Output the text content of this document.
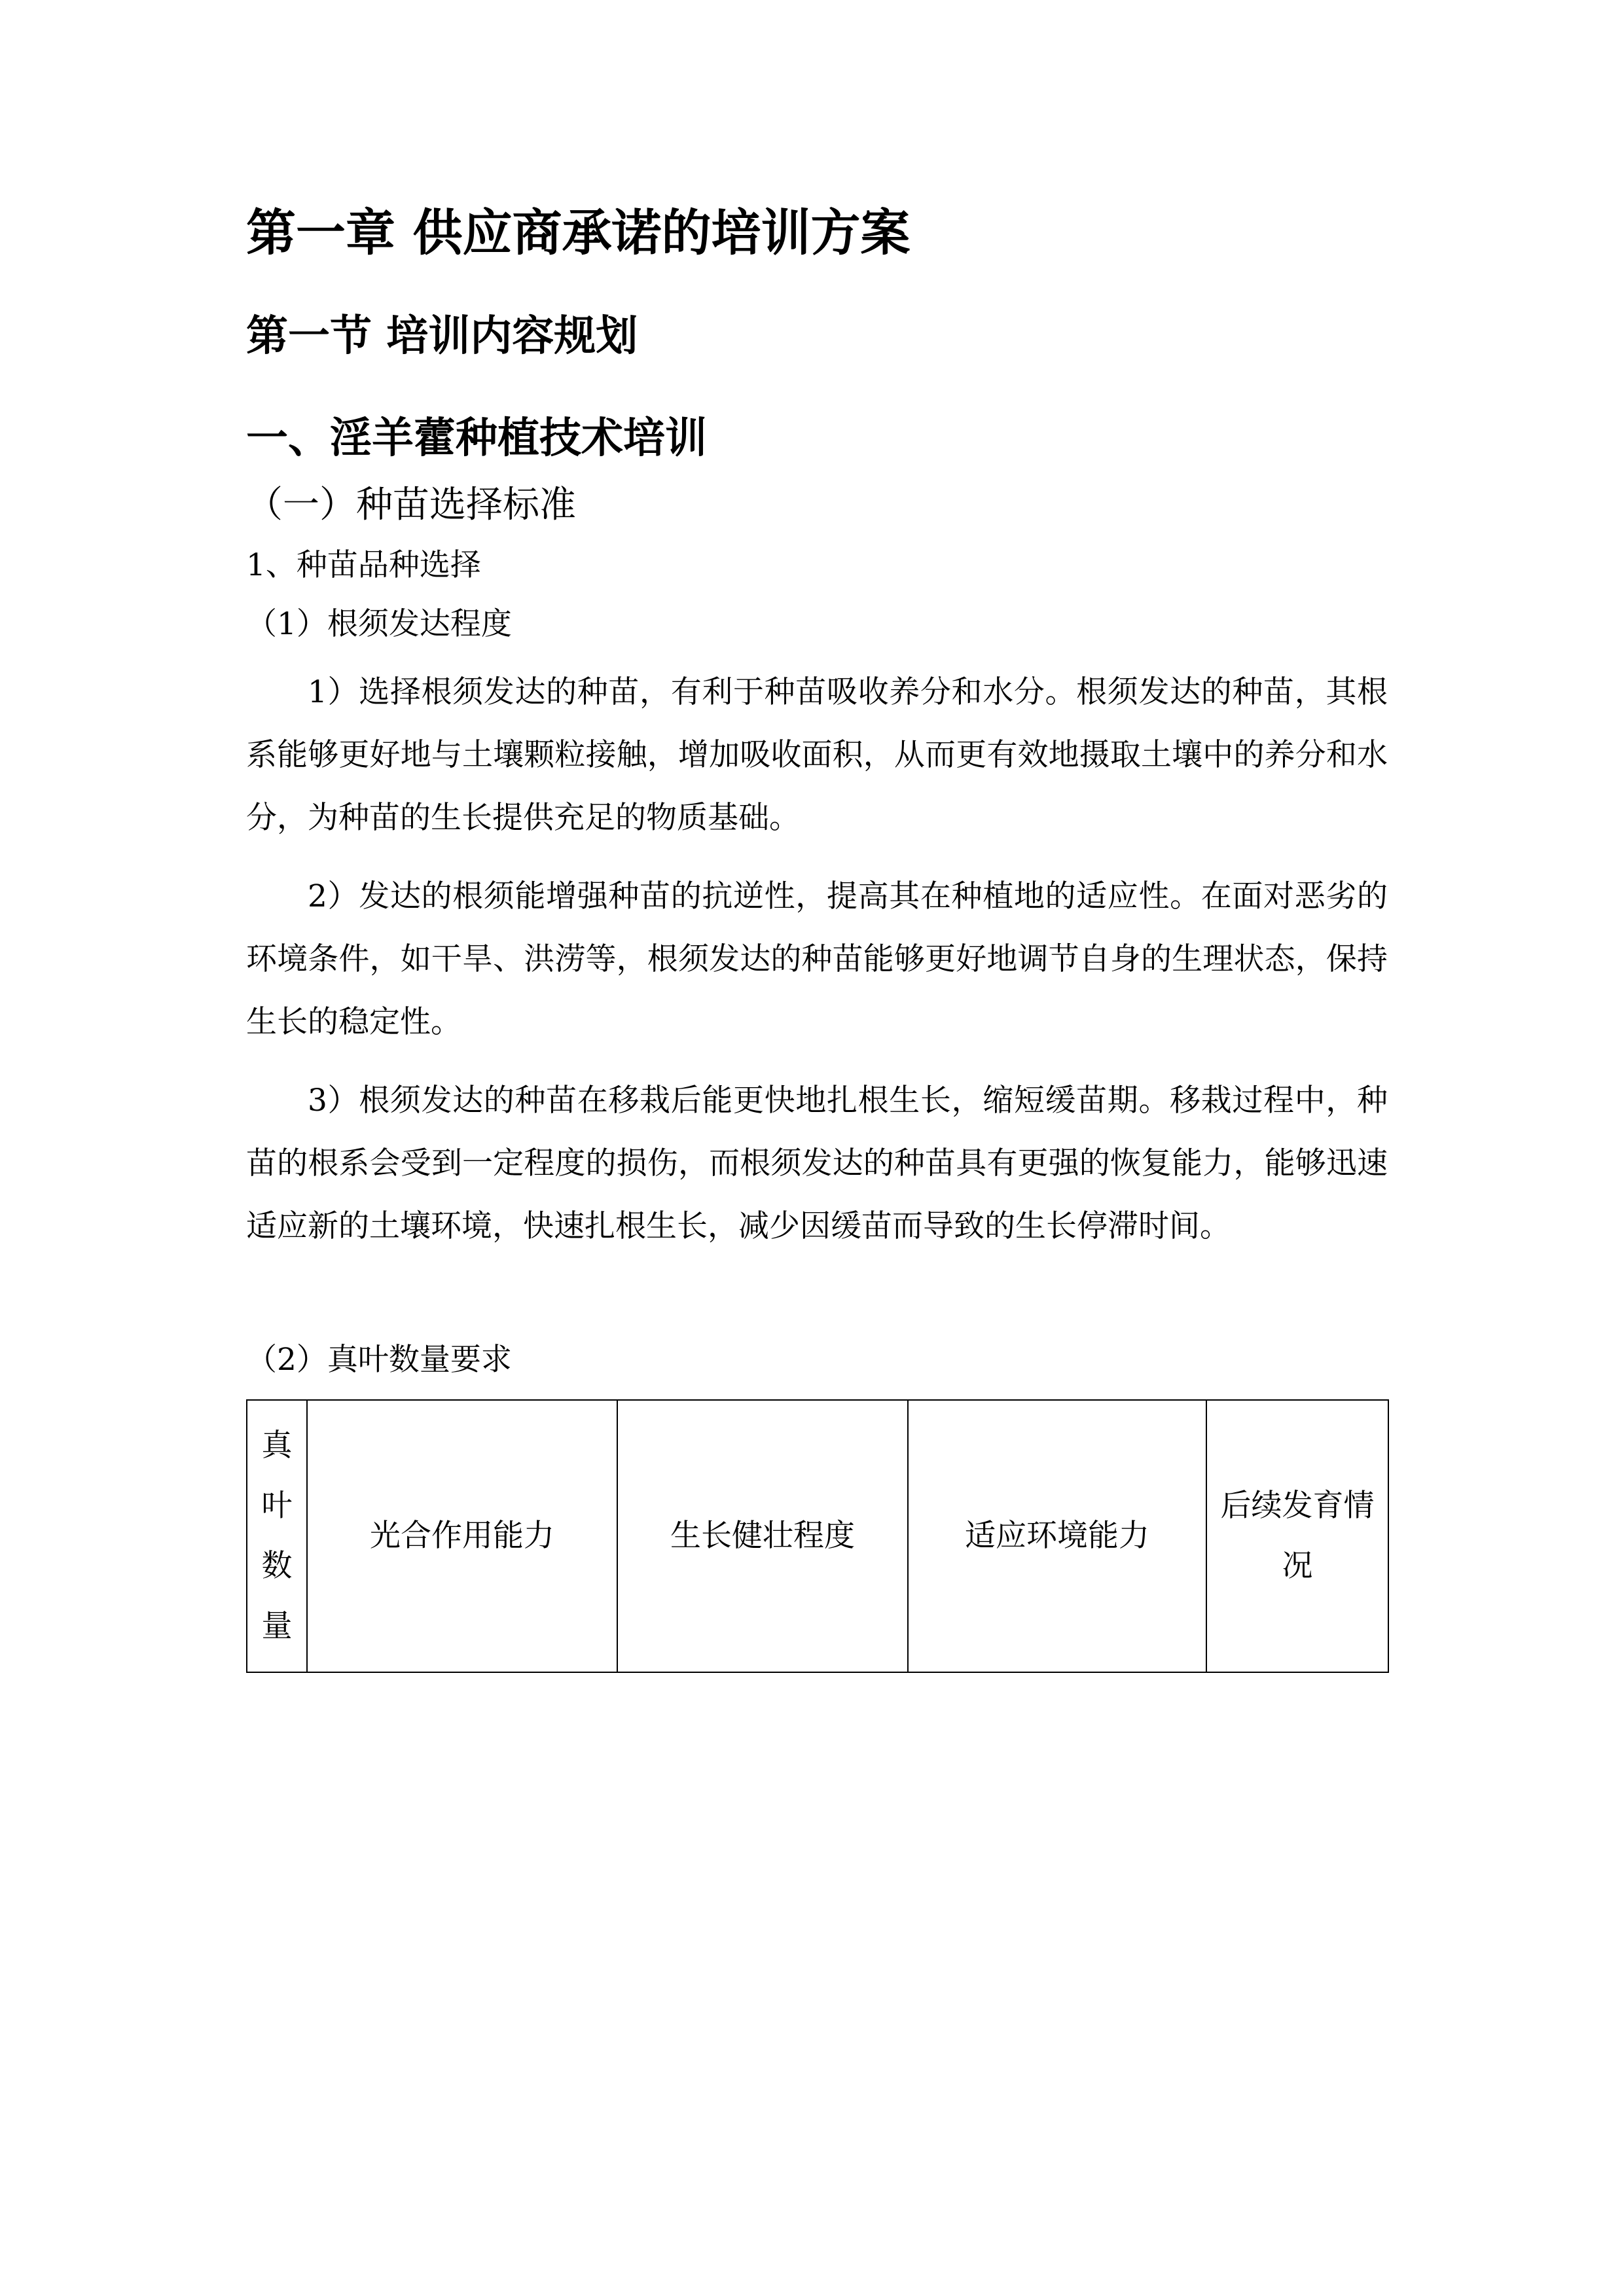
第一章 供应商承诺的培训方案
第一节 培训内容规划
一、淫羊藿种植技术培训
（一）种苗选择标准
1、种苗品种选择
（1）根须发达程度

1）选择根须发达的种苗，有利于种苗吸收养分和水分。根须发达的种苗，其根系能够更好地与土壤颗粒接触，增加吸收面积，从而更有效地摄取土壤中的养分和水分，为种苗的生长提供充足的物质基础。

2）发达的根须能增强种苗的抗逆性，提高其在种植地的适应性。在面对恶劣的环境条件，如干旱、洪涝等，根须发达的种苗能够更好地调节自身的生理状态，保持生长的稳定性。

3）根须发达的种苗在移栽后能更快地扎根生长，缩短缓苗期。移栽过程中，种苗的根系会受到一定程度的损伤，而根须发达的种苗具有更强的恢复能力，能够迅速适应新的土壤环境，快速扎根生长，减少因缓苗而导致的生长停滞时间。

（2）真叶数量要求
真叶数量	光合作用能力	生长健壮程度	适应环境能力	后续发育情况
